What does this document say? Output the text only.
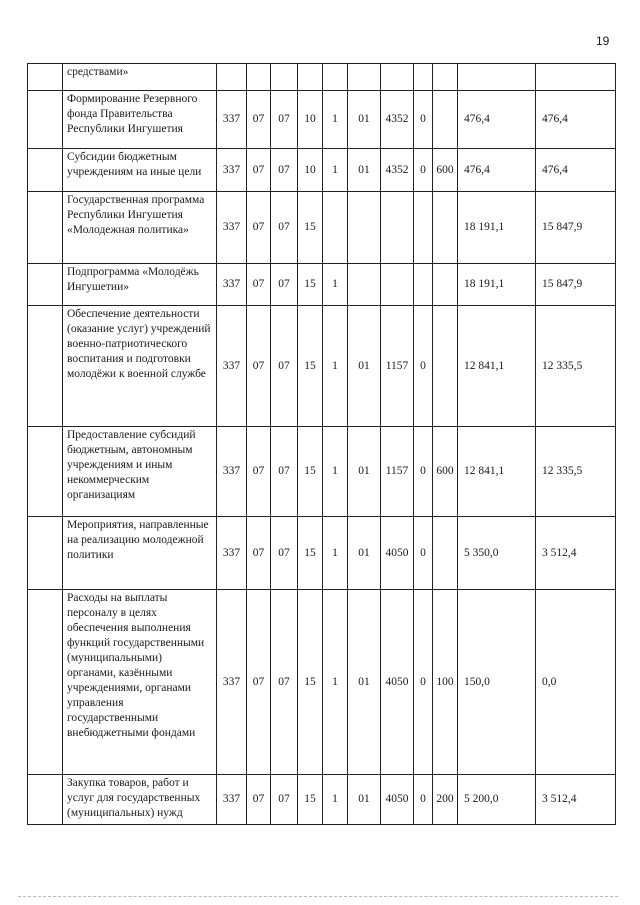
19
	средствами»											
	Формирование Резервного фонда Правительства Республики Ингушетия	337	07	07	10	1	01	4352	0		476,4	476,4
	Субсидии бюджетным учреждениям на иные цели	337	07	07	10	1	01	4352	0	600	476,4	476,4
	Государственная программа Республики Ингушетия «Молодежная политика»	337	07	07	15						18 191,1	15 847,9
	Подпрограмма «Молодёжь Ингушетии»	337	07	07	15	1					18 191,1	15 847,9
	Обеспечение деятельности (оказание услуг) учреждений военно-патриотического воспитания и подготовки молодёжи к военной службе	337	07	07	15	1	01	1157	0		12 841,1	12 335,5
	Предоставление субсидий бюджетным, автономным учреждениям и иным некоммерческим организациям	337	07	07	15	1	01	1157	0	600	12 841,1	12 335,5
	Мероприятия, направленные на реализацию молодежной политики	337	07	07	15	1	01	4050	0		5 350,0	3 512,4
	Расходы на выплаты персоналу в целях обеспечения выполнения функций государственными (муниципальными) органами, казёнными учреждениями, органами управления государственными внебюджетными фондами	337	07	07	15	1	01	4050	0	100	150,0	0,0
	Закупка товаров, работ и услуг для государственных (муниципальных) нужд	337	07	07	15	1	01	4050	0	200	5 200,0	3 512,4
